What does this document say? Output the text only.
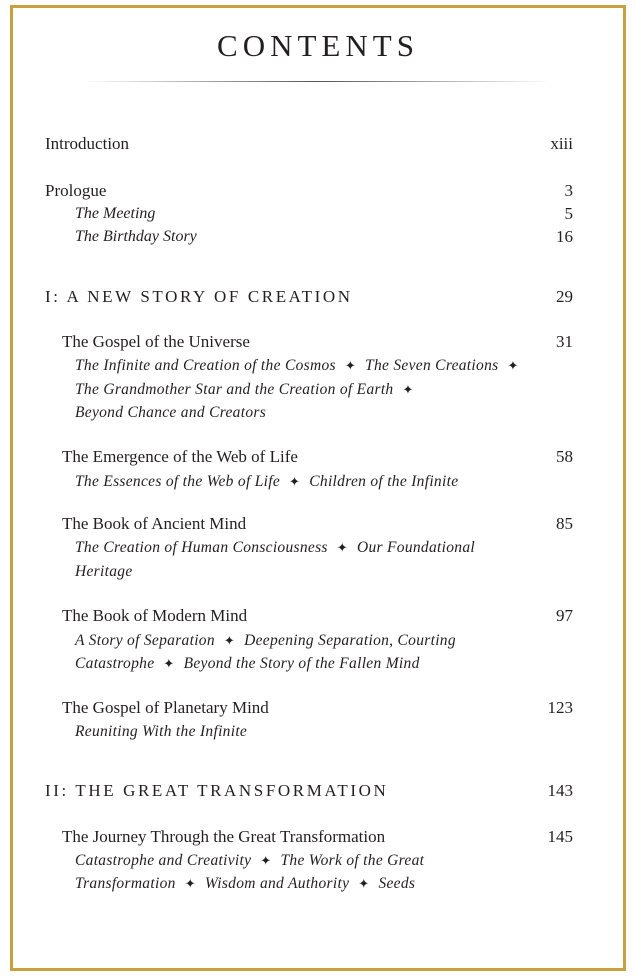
CONTENTS
Introduction	xiii
Prologue	3
The Meeting	5
The Birthday Story	16
I: A NEW STORY OF CREATION	29
The Gospel of the Universe	31
The Infinite and Creation of the Cosmos ✦ The Seven Creations ✦
The Grandmother Star and the Creation of Earth ✦
Beyond Chance and Creators
The Emergence of the Web of Life	58
The Essences of the Web of Life ✦ Children of the Infinite
The Book of Ancient Mind	85
The Creation of Human Consciousness ✦ Our Foundational
Heritage
The Book of Modern Mind	97
A Story of Separation ✦ Deepening Separation, Courting
Catastrophe ✦ Beyond the Story of the Fallen Mind
The Gospel of Planetary Mind	123
Reuniting With the Infinite
II: THE GREAT TRANSFORMATION	143
The Journey Through the Great Transformation	145
Catastrophe and Creativity ✦ The Work of the Great
Transformation ✦ Wisdom and Authority ✦ Seeds
